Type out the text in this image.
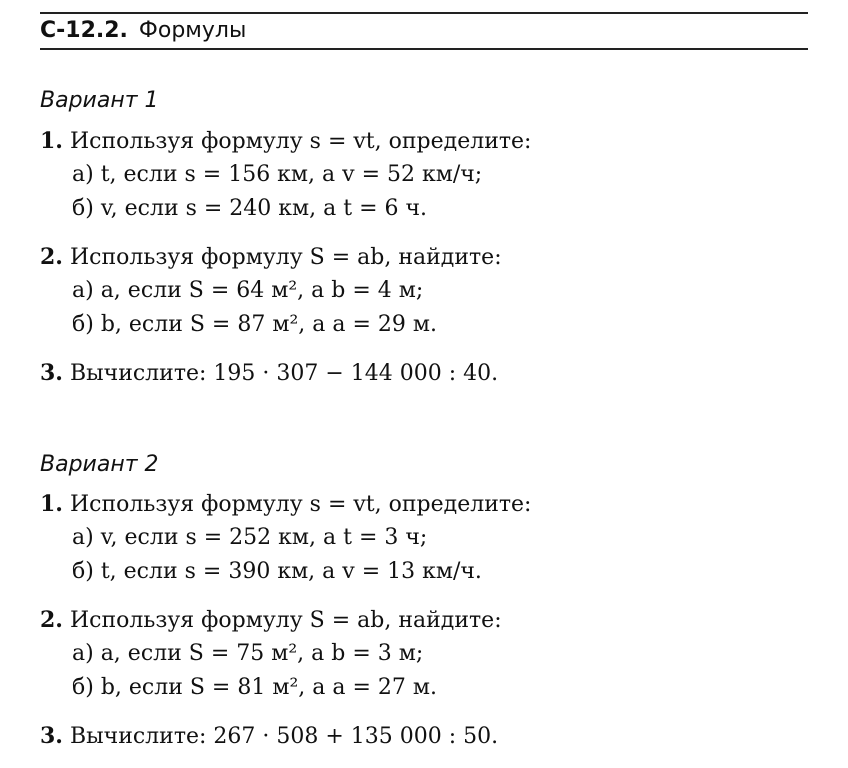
С-12.2. Формулы
Вариант 1
1. Используя формулу s = vt, определите:
а) t, если s = 156 км, а v = 52 км/ч;
б) v, если s = 240 км, а t = 6 ч.
2. Используя формулу S = ab, найдите:
а) a, если S = 64 м², а b = 4 м;
б) b, если S = 87 м², а a = 29 м.
3. Вычислите: 195 · 307 − 144 000 : 40.
Вариант 2
1. Используя формулу s = vt, определите:
а) v, если s = 252 км, а t = 3 ч;
б) t, если s = 390 км, а v = 13 км/ч.
2. Используя формулу S = ab, найдите:
а) a, если S = 75 м², а b = 3 м;
б) b, если S = 81 м², а a = 27 м.
3. Вычислите: 267 · 508 + 135 000 : 50.
